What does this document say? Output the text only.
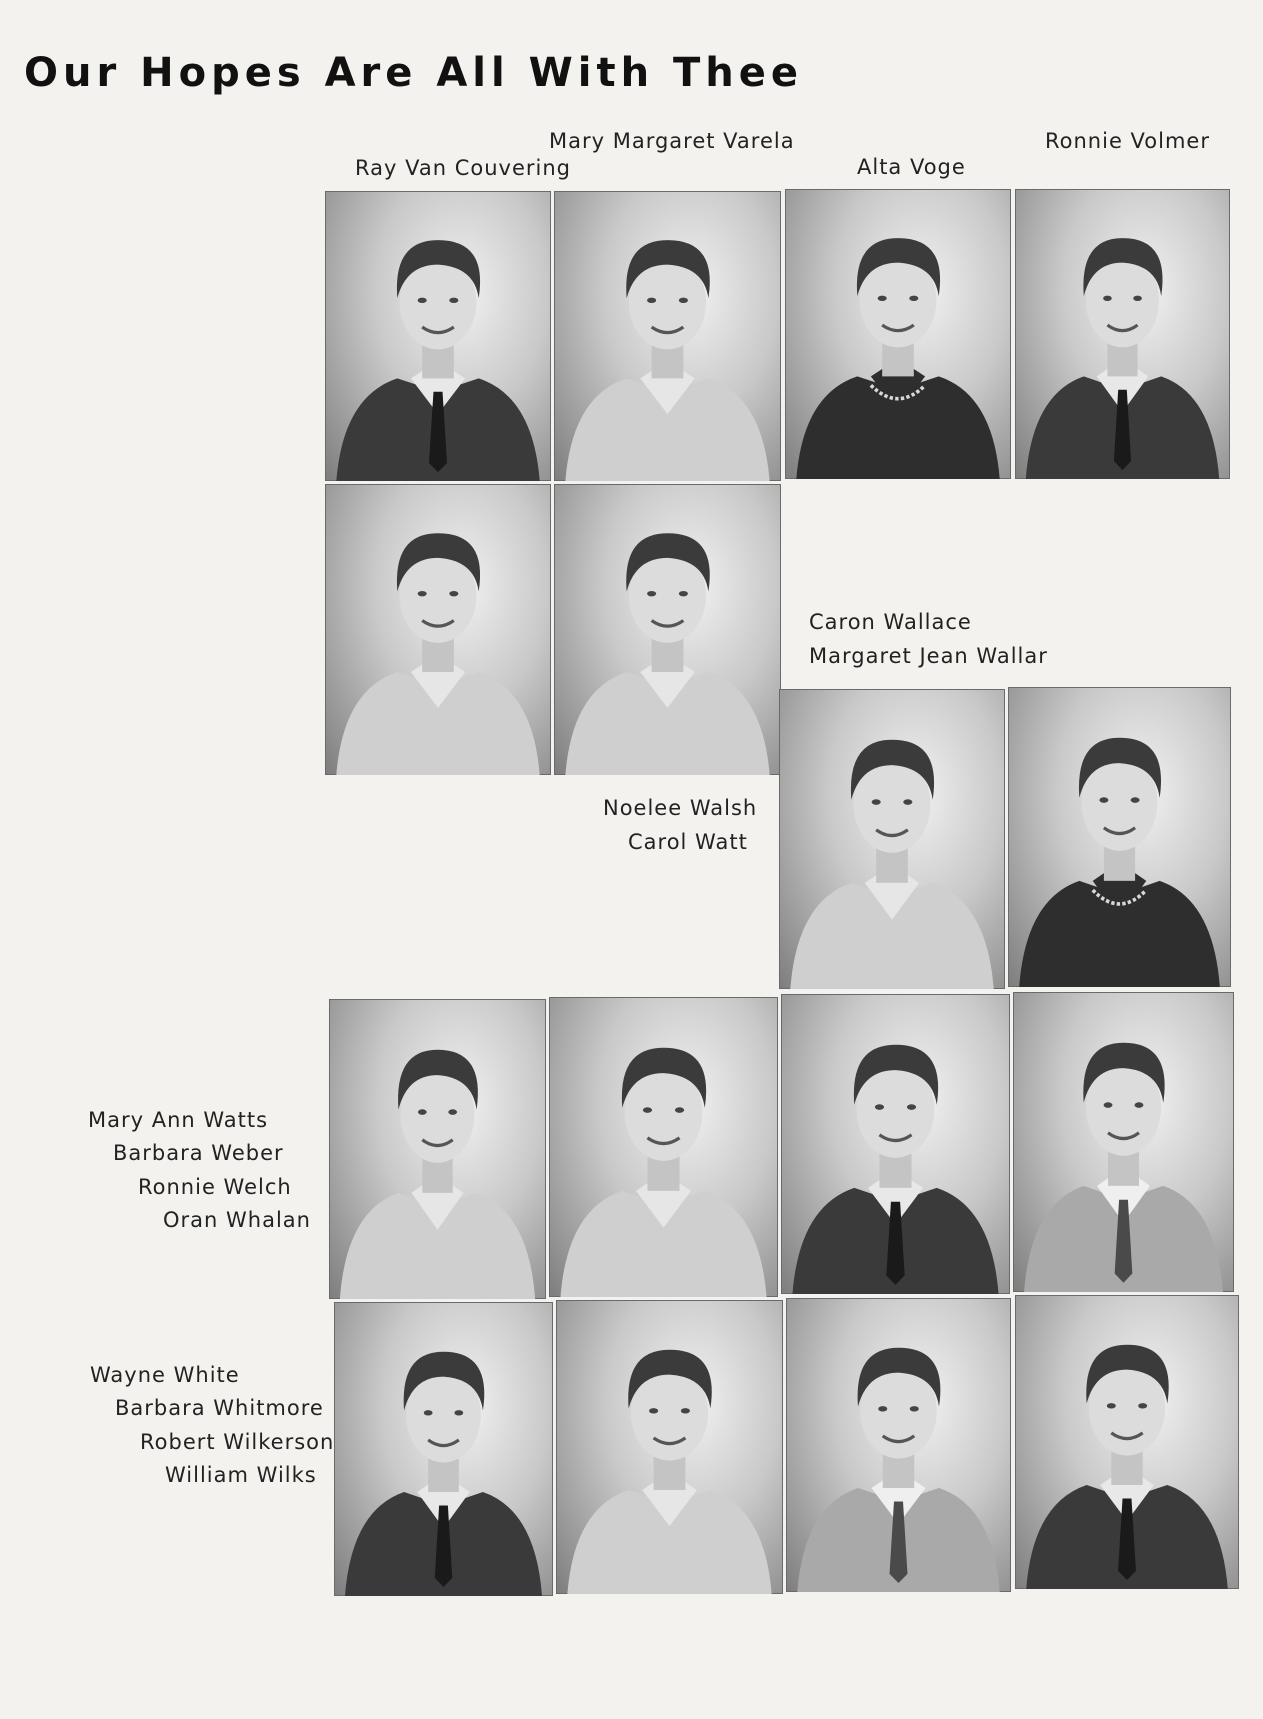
Our Hopes Are All With Thee
Mary Margaret Varela
Ray Van Couvering	Alta Voge
Ronnie Volmer
Caron Wallace
Margaret Jean Wallar
Noelee Walsh
Carol Watt
Mary Ann Watts
Barbara Weber
Ronnie Welch
Oran Whalan
Wayne White
Barbara Whitmore
Robert Wilkerson
William Wilks
